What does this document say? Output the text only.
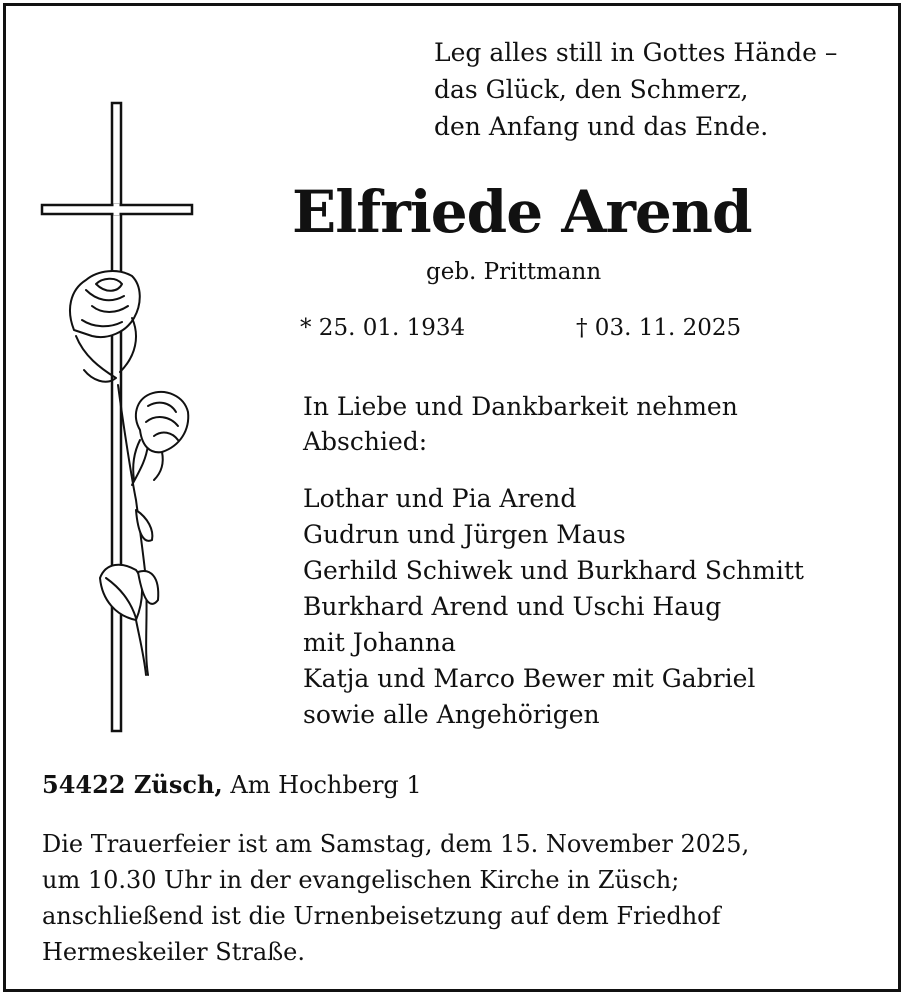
Leg alles still in Gottes Hände –
das Glück, den Schmerz,
den Anfang und das Ende.
Elfriede Arend
geb. Prittmann
* 25. 01. 1934	† 03. 11. 2025
In Liebe und Dankbarkeit nehmen
Abschied:
Lothar und Pia Arend
Gudrun und Jürgen Maus
Gerhild Schiwek und Burkhard Schmitt
Burkhard Arend und Uschi Haug
mit Johanna
Katja und Marco Bewer mit Gabriel
sowie alle Angehörigen
54422 Züsch, Am Hochberg 1
Die Trauerfeier ist am Samstag, dem 15. November 2025,
um 10.30 Uhr in der evangelischen Kirche in Züsch;
anschließend ist die Urnenbeisetzung auf dem Friedhof
Hermeskeiler Straße.
